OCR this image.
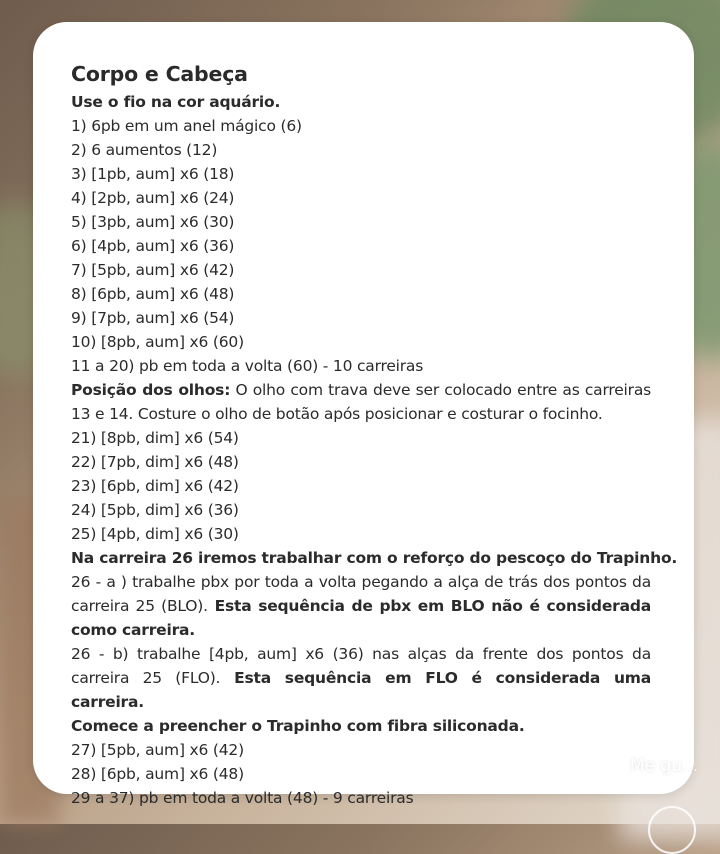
Corpo e Cabeça
Use o fio na cor aquário.
1) 6pb em um anel mágico (6)
2) 6 aumentos (12)
3) [1pb, aum] x6 (18)
4) [2pb, aum] x6 (24)
5) [3pb, aum] x6 (30)
6) [4pb, aum] x6 (36)
7) [5pb, aum] x6 (42)
8) [6pb, aum] x6 (48)
9) [7pb, aum] x6 (54)
10) [8pb, aum] x6 (60)
11 a 20) pb em toda a volta (60) - 10 carreiras
Posição dos olhos: O olho com trava deve ser colocado entre as carreiras 13 e 14. Costure o olho de botão após posicionar e costurar o focinho.
21) [8pb, dim] x6 (54)
22) [7pb, dim] x6 (48)
23) [6pb, dim] x6 (42)
24) [5pb, dim] x6 (36)
25) [4pb, dim] x6 (30)
Na carreira 26 iremos trabalhar com o reforço do pescoço do Trapinho.
26 - a ) trabalhe pbx por toda a volta pegando a alça de trás dos pontos da carreira 25 (BLO). Esta sequência de pbx em BLO não é considerada como carreira.
26 - b) trabalhe [4pb, aum] x6 (36) nas alças da frente dos pontos da carreira 25 (FLO). Esta sequência em FLO é considerada uma carreira.
Comece a preencher o Trapinho com fibra siliconada.
27) [5pb, aum] x6 (42)
28) [6pb, aum] x6 (48)
29 a 37) pb em toda a volta (48) - 9 carreiras
Me gu...
